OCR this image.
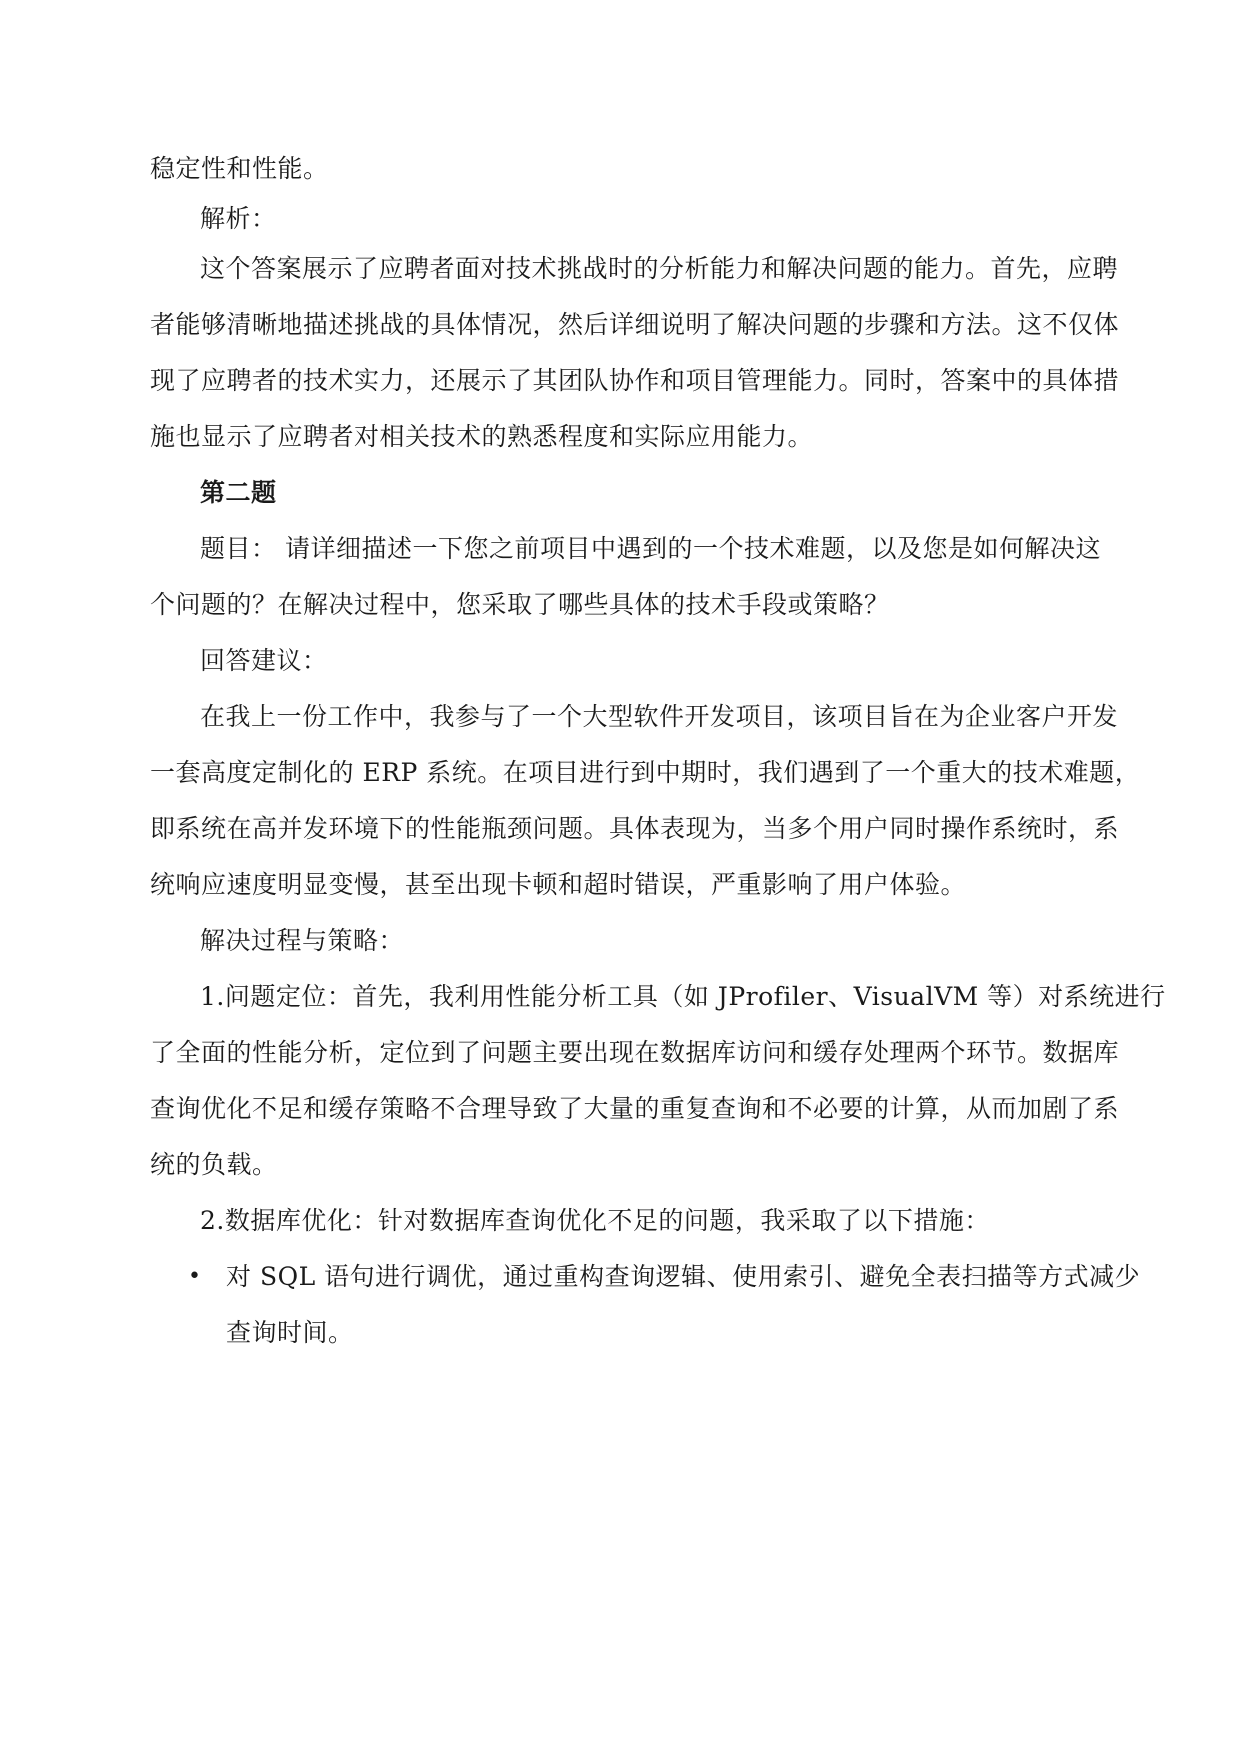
稳定性和性能。
解析：
这个答案展示了应聘者面对技术挑战时的分析能力和解决问题的能力。首先，应聘
者能够清晰地描述挑战的具体情况，然后详细说明了解决问题的步骤和方法。这不仅体
现了应聘者的技术实力，还展示了其团队协作和项目管理能力。同时，答案中的具体措
施也显示了应聘者对相关技术的熟悉程度和实际应用能力。
第二题
题目： 请详细描述一下您之前项目中遇到的一个技术难题，以及您是如何解决这
个问题的？在解决过程中，您采取了哪些具体的技术手段或策略？
回答建议：
在我上一份工作中，我参与了一个大型软件开发项目，该项目旨在为企业客户开发
一套高度定制化的 ERP 系统。在项目进行到中期时，我们遇到了一个重大的技术难题，
即系统在高并发环境下的性能瓶颈问题。具体表现为，当多个用户同时操作系统时，系
统响应速度明显变慢，甚至出现卡顿和超时错误，严重影响了用户体验。
解决过程与策略：
1.问题定位：首先，我利用性能分析工具（如 JProfiler、VisualVM 等）对系统进行
了全面的性能分析，定位到了问题主要出现在数据库访问和缓存处理两个环节。数据库
查询优化不足和缓存策略不合理导致了大量的重复查询和不必要的计算，从而加剧了系
统的负载。
2.数据库优化：针对数据库查询优化不足的问题，我采取了以下措施：
• 对 SQL 语句进行调优，通过重构查询逻辑、使用索引、避免全表扫描等方式减少
查询时间。
